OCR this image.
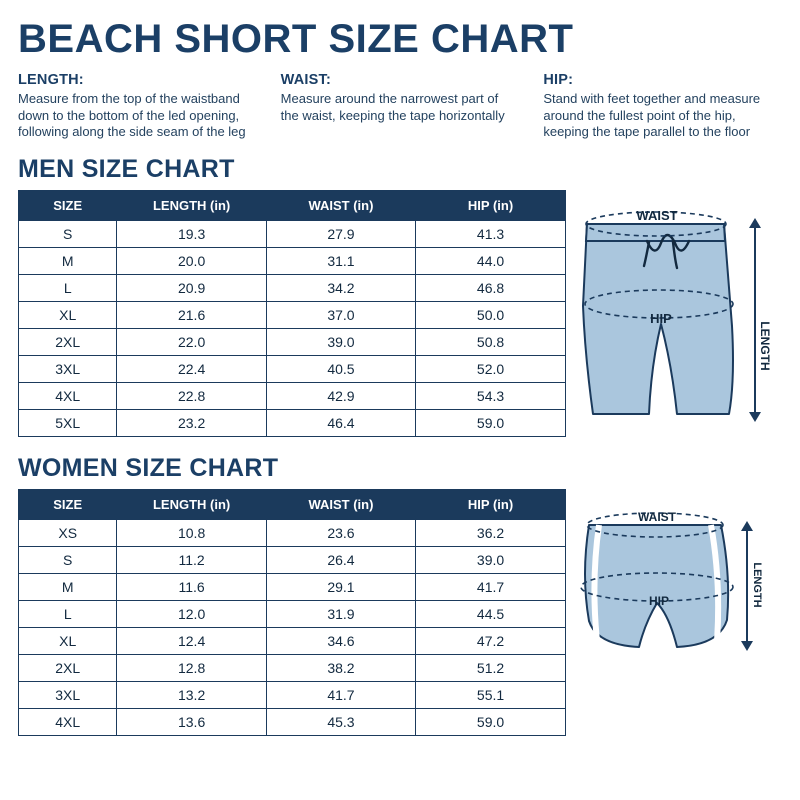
BEACH SHORT SIZE CHART
LENGTH:
Measure from the top of the waistband down to the bottom of the led opening, following along the side seam of the leg
WAIST:
Measure around the narrowest part of the waist, keeping the tape horizontally
HIP:
Stand with feet together and measure around the fullest point of the hip, keeping the tape parallel to the floor
MEN SIZE CHART
SIZE	LENGTH (in)	WAIST (in)	HIP (in)
S	19.3	27.9	41.3
M	20.0	31.1	44.0
L	20.9	34.2	46.8
XL	21.6	37.0	50.0
2XL	22.0	39.0	50.8
3XL	22.4	40.5	52.0
4XL	22.8	42.9	54.3
5XL	23.2	46.4	59.0
WAIST
HIP
LENGTH
WOMEN SIZE CHART
SIZE	LENGTH (in)	WAIST (in)	HIP (in)
XS	10.8	23.6	36.2
S	11.2	26.4	39.0
M	11.6	29.1	41.7
L	12.0	31.9	44.5
XL	12.4	34.6	47.2
2XL	12.8	38.2	51.2
3XL	13.2	41.7	55.1
4XL	13.6	45.3	59.0
WAIST
HIP	LENGTH
